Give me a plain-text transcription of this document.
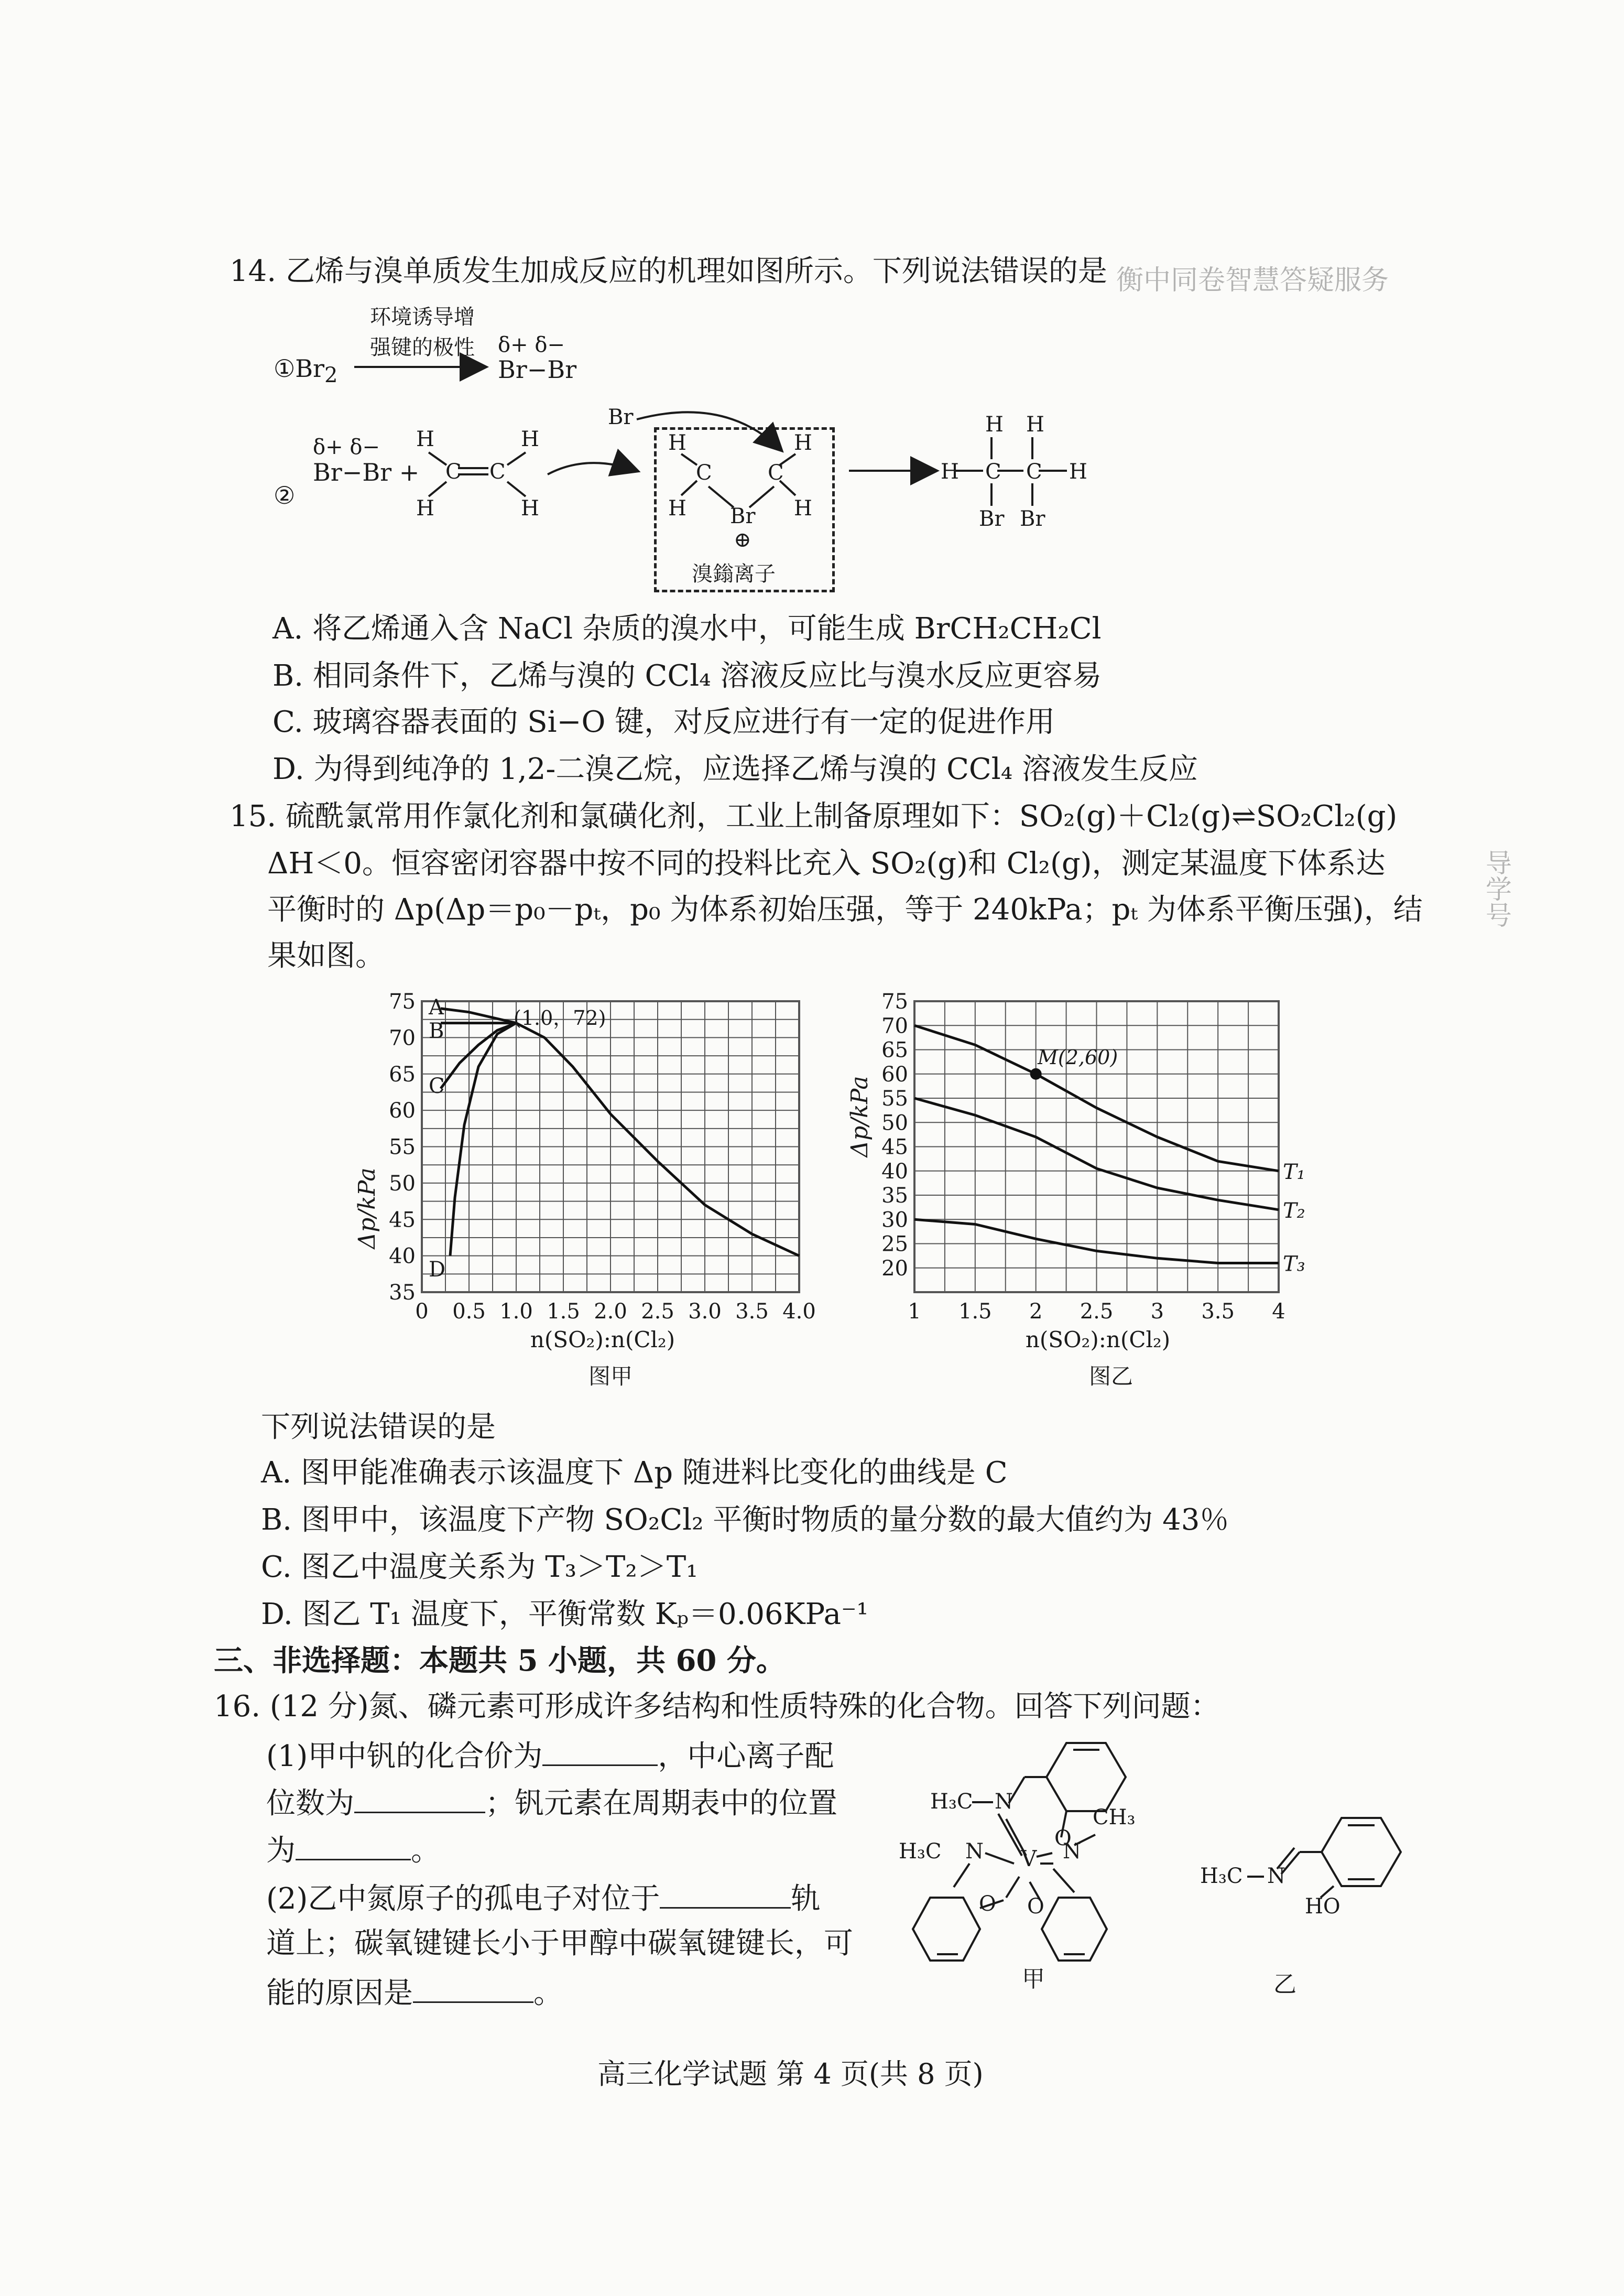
衡中同卷智慧答疑服务
导学号
14. 乙烯与溴单质发生加成反应的机理如图所示。下列说法错误的是
$①Br_2$
环境诱导增
强键的极性 δ+ δ−
Br−Br
②
δ+ δ−
Br−Br +
Br
H	H
C C
H	H
H	H
C	C
H	H
Br
⊕
溴鎓离子
H H
H C C H
Br Br
A. 将乙烯通入含 NaCl 杂质的溴水中，可能生成 BrCH₂CH₂Cl
B. 相同条件下，乙烯与溴的 CCl₄ 溶液反应比与溴水反应更容易
C. 玻璃容器表面的 Si−O 键，对反应进行有一定的促进作用
D. 为得到纯净的 1,2-二溴乙烷，应选择乙烯与溴的 CCl₄ 溶液发生反应
15. 硫酰氯常用作氯化剂和氯磺化剂，工业上制备原理如下：SO₂(g)＋Cl₂(g)⇌SO₂Cl₂(g)
ΔH＜0。恒容密闭容器中按不同的投料比充入 SO₂(g)和 Cl₂(g)，测定某温度下体系达
平衡时的 Δp(Δp＝p₀－pₜ，p₀ 为体系初始压强，等于 240kPa；pₜ 为体系平衡压强)，结
果如图。
0 0.5 1.0 1.5 2.0 2.5 3.0 3.5 4.0
35
40
45
50
55
60
65
70
75 A
B
C
D
Δp/kPa
n(SO₂):n(Cl₂)
图甲
(1.0，72)
1 1.5 2 2.5 3 3.5 4
20
25
30
35
40
45
50
55
60
65
70
75
T₁
T₂
T₃
Δp/kPa
n(SO₂):n(Cl₂)
图乙
M(2,60)
下列说法错误的是
A. 图甲能准确表示该温度下 Δp 随进料比变化的曲线是 C
B. 图甲中，该温度下产物 SO₂Cl₂ 平衡时物质的量分数的最大值约为 43％
C. 图乙中温度关系为 T₃＞T₂＞T₁
D. 图乙 T₁ 温度下，平衡常数 Kₚ＝0.06KPa⁻¹
三、非选择题：本题共 5 小题，共 60 分。
16. (12 分)氮、磷元素可形成许多结构和性质特殊的化合物。回答下列问题：
(1)甲中钒的化合价为	，中心离子配
位数为	；钒元素在周期表中的位置
为	。
(2)乙中氮原子的孤电子对位于	轨
道上；碳氧键键长小于甲醇中碳氧键键长，可
能的原因是	。
H₃C N
O
CH₃
H₃C N V N
O O
甲
H₃C N
HO
乙
高三化学试题 第 4 页(共 8 页)
